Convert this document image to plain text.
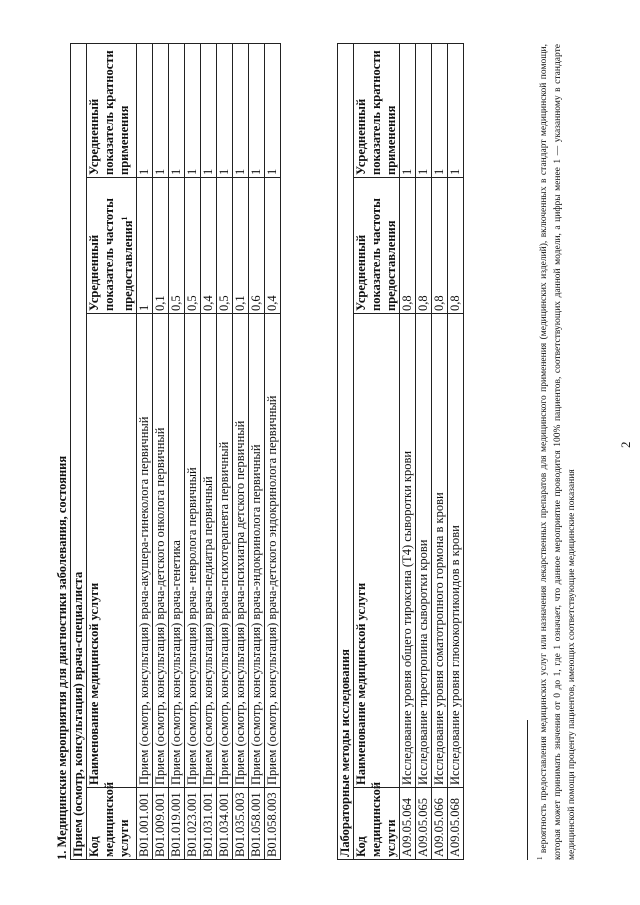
2
1. Медицинские мероприятия для диагностики заболевания, состояния Прием (осмотр, консультация) врача-специалиста			
Код медицинской услуги	Наименование медицинской услуги	Усредненный показатель частоты предоставления$^1$	Усредненный показатель кратности применения
B01.001.001	Прием (осмотр, консультация) врача-акушера-гинеколога первичный	1	1
B01.009.001	Прием (осмотр, консультация) врача-детского онколога первичный	0,1	1
B01.019.001	Прием (осмотр, консультация) врача-генетика	0,5	1
B01.023.001	Прием (осмотр, консультация) врача- невролога первичный	0,5	1
B01.031.001	Прием (осмотр, консультация) врача-педиатра первичный	0,4	1
B01.034.001	Прием (осмотр, консультация) врача-психотерапевта первичный	0,5	1
B01.035.003	Прием (осмотр, консультация) врача-психиатра детского первичный	0,1	1
B01.058.001	Прием (осмотр, консультация) врача-эндокринолога первичный	0,6	1
B01.058.003	Прием (осмотр, консультация) врача-детского эндокринолога первичный	0,4	1
Лабораторные методы исследования			
Код медицинской услуги	Наименование медицинской услуги	Усредненный показатель частоты предоставления	Усредненный показатель кратности применения
A09.05.064	Исследование уровня общего тироксина (Т4) сыворотки крови	0,8	1
A09.05.065	Исследование тиреотропина сыворотки крови	0,8	1
A09.05.066	Исследование уровня соматотропного гормона в крови	0,8	1
A09.05.068	Исследование уровня глюкокортикоидов в крови	0,8	1
$^1$ вероятность предоставления медицинских услуг или назначения лекарственных препаратов для медицинского применения (медицинских изделий), включенных в стандарт медицинской помощи, которая может принимать значения от 0 до 1, где 1 означает, что данное мероприятие проводится 100% пациентов, соответствующих данной модели, а цифры менее 1 — указанному в стандарте медицинской помощи проценту пациентов, имеющих соответствующие медицинские показания
